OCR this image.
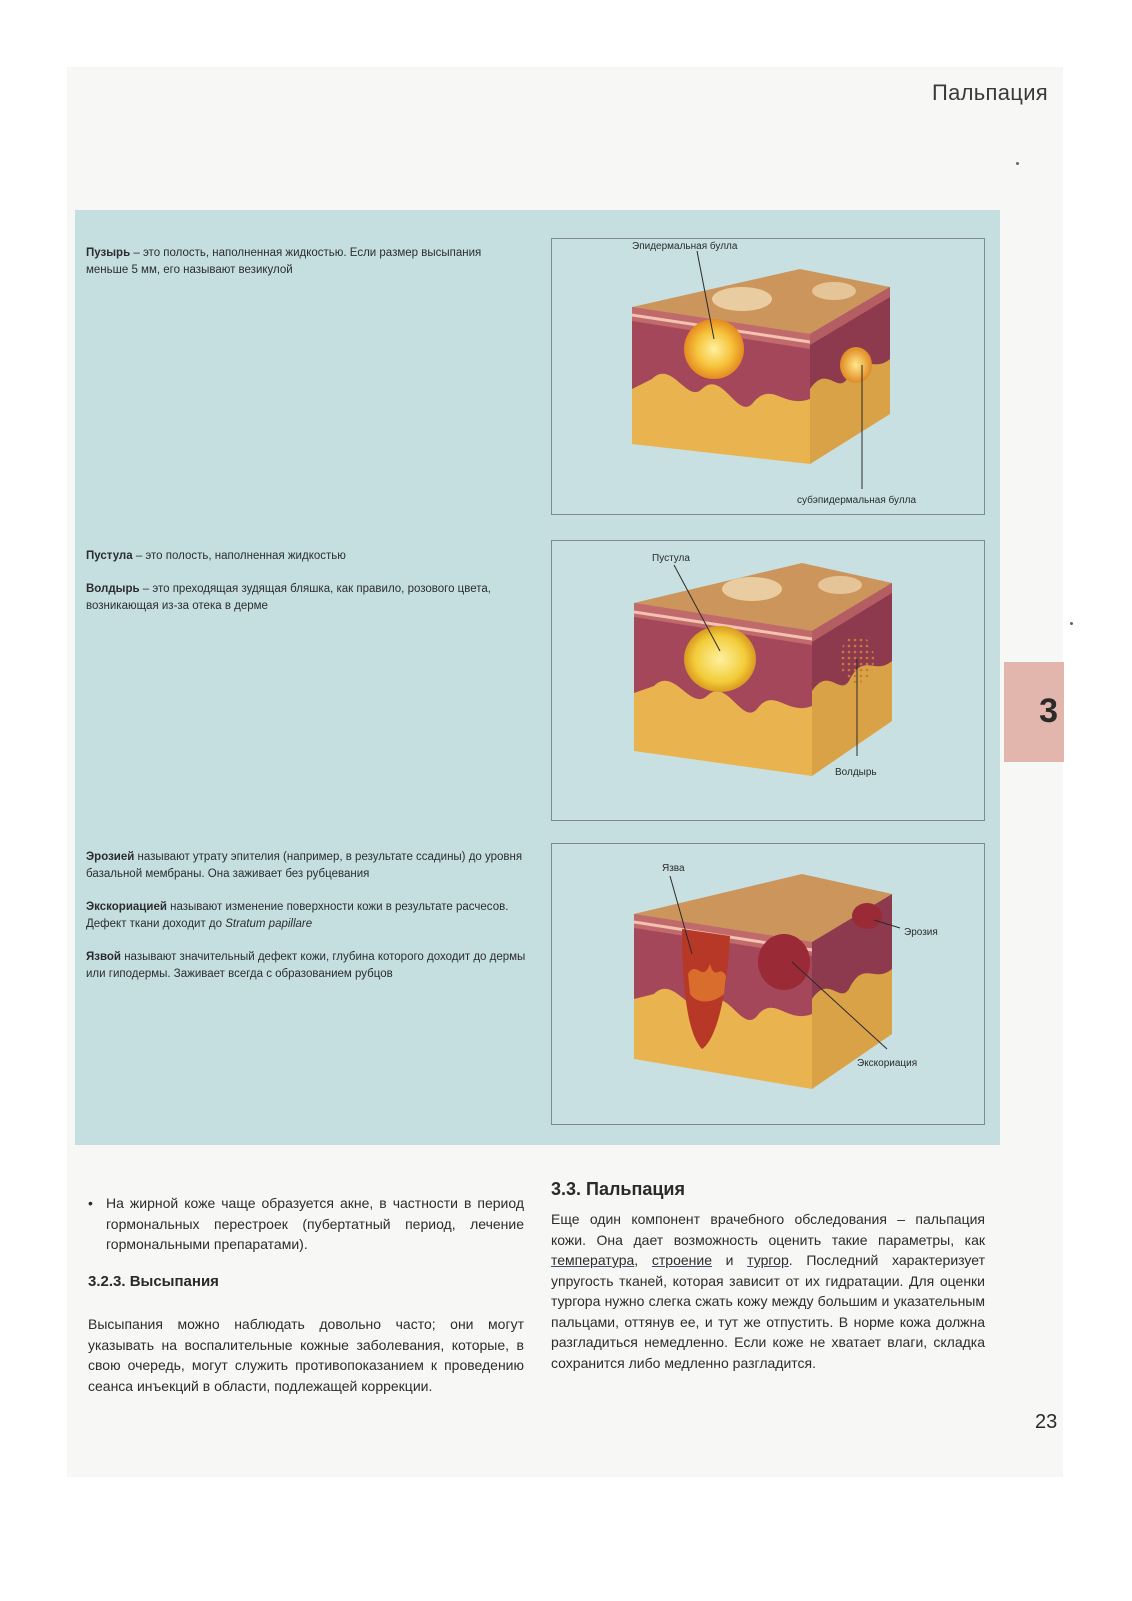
Пальпация
3

Пузырь – это полость, наполненная жидкостью. Если размер высыпания меньше 5 мм, его называют везикулой

Пустула – это полость, наполненная жидкостью

Волдырь – это преходящая зудящая бляшка, как правило, розового цвета, возникающая из-за отека в дерме

Эрозией называют утрату эпителия (например, в результате ссадины) до уровня базальной мембраны. Она заживает без рубцевания

Экскориацией называют изменение поверхности кожи в результате расчесов. Дефект ткани доходит до Stratum papillare

Язвой называют значительный дефект кожи, глубина которого доходит до дермы или гиподермы. Заживает всегда с образованием рубцов

Эпидермальная булла
субэпидермальная булла
Пустула
Волдырь
Язва
Эрозия
Экскориация
• На жирной коже чаще образуется акне, в частности в период гормональных перестроек (пубертатный период, лечение гормональными препаратами).
3.2.3. Высыпания

Высыпания можно наблюдать довольно часто; они могут указывать на воспалительные кожные заболевания, которые, в свою очередь, могут служить противопоказанием к проведению сеанса инъекций в области, подлежащей коррекции.

3.3. Пальпация

Еще один компонент врачебного обследования – пальпация кожи. Она дает возможность оценить такие параметры, как температура, строение и тургор. Последний характеризует упругость тканей, которая зависит от их гидратации. Для оценки тургора нужно слегка сжать кожу между большим и указательным пальцами, оттянув ее, и тут же отпустить. В норме кожа должна разгладиться немедленно. Если коже не хватает влаги, складка сохранится либо медленно разгладится.

23
